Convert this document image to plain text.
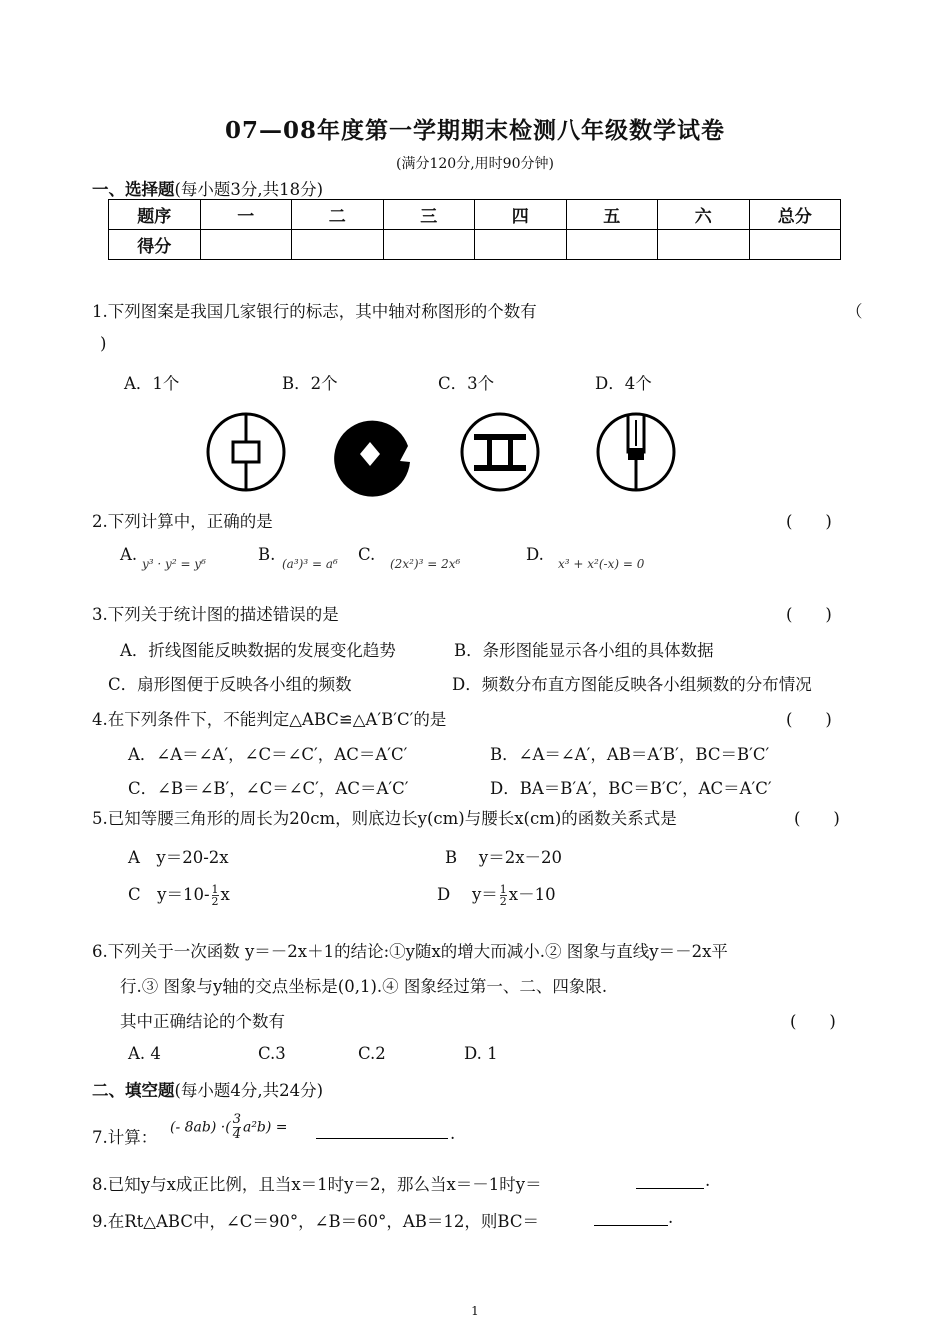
07—08年度第一学期期末检测八年级数学试卷
(满分120分,用时90分钟)
一、选择题(每小题3分,共18分)
题序	一	二	三	四	五	六	总分
得分							
1.下列图案是我国几家银行的标志，其中轴对称图形的个数有	（
)
A．1个	B．2个	C．3个	D．4个
2.下列计算中，正确的是	(　　)
A. y³ · y² = y⁶	B. (a³)³ = a⁶ C. (2x²)³ = 2x⁶	D. x³ + x²(-x) = 0
3.下列关于统计图的描述错误的是	(　　)
A．折线图能反映数据的发展变化趋势	B．条形图能显示各小组的具体数据
C．扇形图便于反映各小组的频数	D．频数分布直方图能反映各小组频数的分布情况
4.在下列条件下，不能判定△ABC≌△A′B′C′的是	(　　)
A．∠A＝∠A′，∠C＝∠C′，AC＝A′C′	B．∠A＝∠A′，AB＝A′B′，BC＝B′C′
C．∠B＝∠B′，∠C＝∠C′，AC＝A′C′	D．BA＝B′A′，BC＝B′C′，AC＝A′C′
5.已知等腰三角形的周长为20cm，则底边长y(cm)与腰长x(cm)的函数关系式是	(　　)
A　y＝20-2x	B　 y＝2x－20
C　$y=10- \frac{1}{2}$ x	D　 $y= \frac{1}{2} x-10$
6.下列关于一次函数 y＝－2x＋1的结论:①y随x的增大而减小.② 图象与直线y＝－2x平
行.③ 图象与y轴的交点坐标是(0,1).④ 图象经过第一、二、四象限.
其中正确结论的个数有	(　　)
A. 4	C.3	C.2	D. 1
二、填空题(每小题4分,共24分)
7.计算：
(- 8ab) ·( $\frac{3}{4} a^2b$) =	.
8.已知y与x成正比例，且当x＝1时y＝2，那么当x＝－1时y＝	.
9.在Rt△ABC中，∠C＝90°，∠B＝60°，AB＝12，则BC＝	.
1
